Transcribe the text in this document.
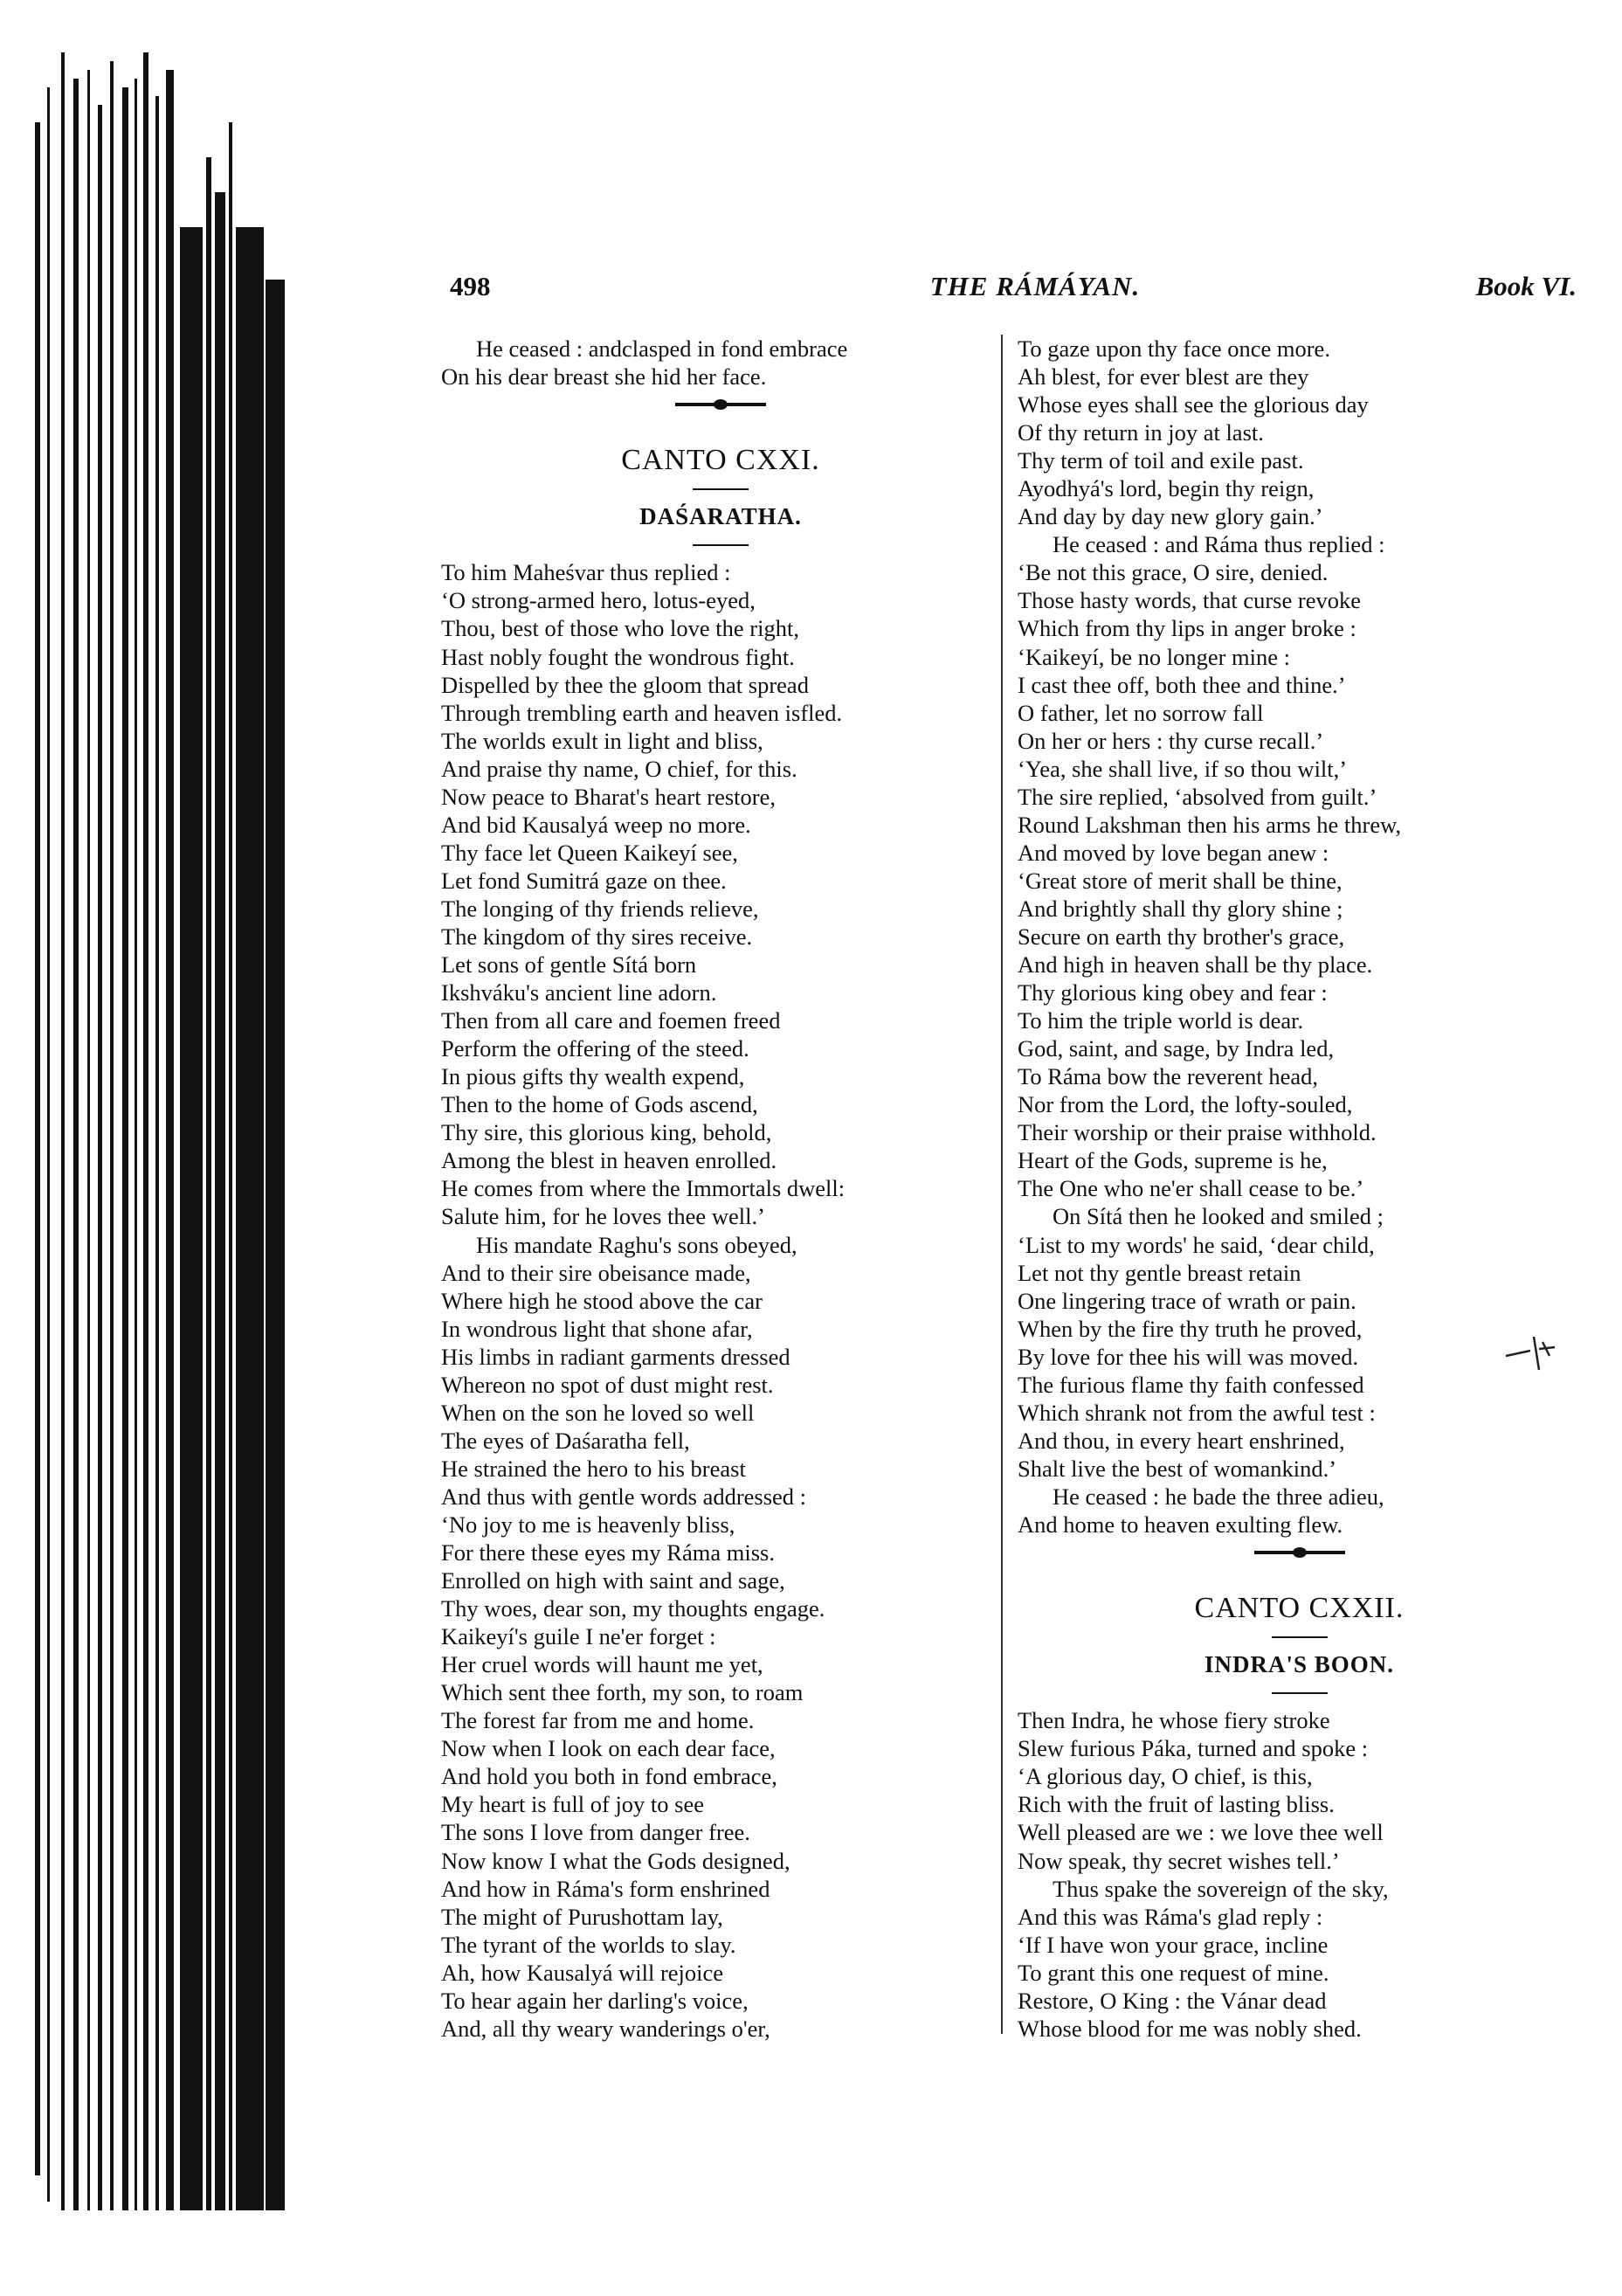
498	THE RÁMÁYAN.	Book VI.
He ceased : andclasped in fond embrace
On his dear breast she hid her face.
CANTO CXXI.
DAŚARATHA.
To him Maheśvar thus replied :
‘O strong-armed hero, lotus-eyed,
Thou, best of those who love the right,
Hast nobly fought the wondrous fight.
Dispelled by thee the gloom that spread
Through trembling earth and heaven isfled.
The worlds exult in light and bliss,
And praise thy name, O chief, for this.
Now peace to Bharat's heart restore,
And bid Kausalyá weep no more.
Thy face let Queen Kaikeyí see,
Let fond Sumitrá gaze on thee.
The longing of thy friends relieve,
The kingdom of thy sires receive.
Let sons of gentle Sítá born
Ikshváku's ancient line adorn.
Then from all care and foemen freed
Perform the offering of the steed.
In pious gifts thy wealth expend,
Then to the home of Gods ascend,
Thy sire, this glorious king, behold,
Among the blest in heaven enrolled.
He comes from where the Immortals dwell:
Salute him, for he loves thee well.’
His mandate Raghu's sons obeyed,
And to their sire obeisance made,
Where high he stood above the car
In wondrous light that shone afar,
His limbs in radiant garments dressed
Whereon no spot of dust might rest.
When on the son he loved so well
The eyes of Daśaratha fell,
He strained the hero to his breast
And thus with gentle words addressed :
‘No joy to me is heavenly bliss,
For there these eyes my Ráma miss.
Enrolled on high with saint and sage,
Thy woes, dear son, my thoughts engage.
Kaikeyí's guile I ne'er forget :
Her cruel words will haunt me yet,
Which sent thee forth, my son, to roam
The forest far from me and home.
Now when I look on each dear face,
And hold you both in fond embrace,
My heart is full of joy to see
The sons I love from danger free.
Now know I what the Gods designed,
And how in Ráma's form enshrined
The might of Purushottam lay,
The tyrant of the worlds to slay.
Ah, how Kausalyá will rejoice
To hear again her darling's voice,
And, all thy weary wanderings o'er,
To gaze upon thy face once more.
Ah blest, for ever blest are they
Whose eyes shall see the glorious day
Of thy return in joy at last.
Thy term of toil and exile past.
Ayodhyá's lord, begin thy reign,
And day by day new glory gain.’
He ceased : and Ráma thus replied :
‘Be not this grace, O sire, denied.
Those hasty words, that curse revoke
Which from thy lips in anger broke :
‘Kaikeyí, be no longer mine :
I cast thee off, both thee and thine.’
O father, let no sorrow fall
On her or hers : thy curse recall.’
‘Yea, she shall live, if so thou wilt,’
The sire replied, ‘absolved from guilt.’
Round Lakshman then his arms he threw,
And moved by love began anew :
‘Great store of merit shall be thine,
And brightly shall thy glory shine ;
Secure on earth thy brother's grace,
And high in heaven shall be thy place.
Thy glorious king obey and fear :
To him the triple world is dear.
God, saint, and sage, by Indra led,
To Ráma bow the reverent head,
Nor from the Lord, the lofty-souled,
Their worship or their praise withhold.
Heart of the Gods, supreme is he,
The One who ne'er shall cease to be.’
On Sítá then he looked and smiled ;
‘List to my words' he said, ‘dear child,
Let not thy gentle breast retain
One lingering trace of wrath or pain.
When by the fire thy truth he proved,
By love for thee his will was moved.
The furious flame thy faith confessed
Which shrank not from the awful test :
And thou, in every heart enshrined,
Shalt live the best of womankind.’
He ceased : he bade the three adieu,
And home to heaven exulting flew.
CANTO CXXII.
INDRA'S BOON.
Then Indra, he whose fiery stroke
Slew furious Páka, turned and spoke :
‘A glorious day, O chief, is this,
Rich with the fruit of lasting bliss.
Well pleased are we : we love thee well
Now speak, thy secret wishes tell.’
Thus spake the sovereign of the sky,
And this was Ráma's glad reply :
‘If I have won your grace, incline
To grant this one request of mine.
Restore, O King : the Vánar dead
Whose blood for me was nobly shed.
